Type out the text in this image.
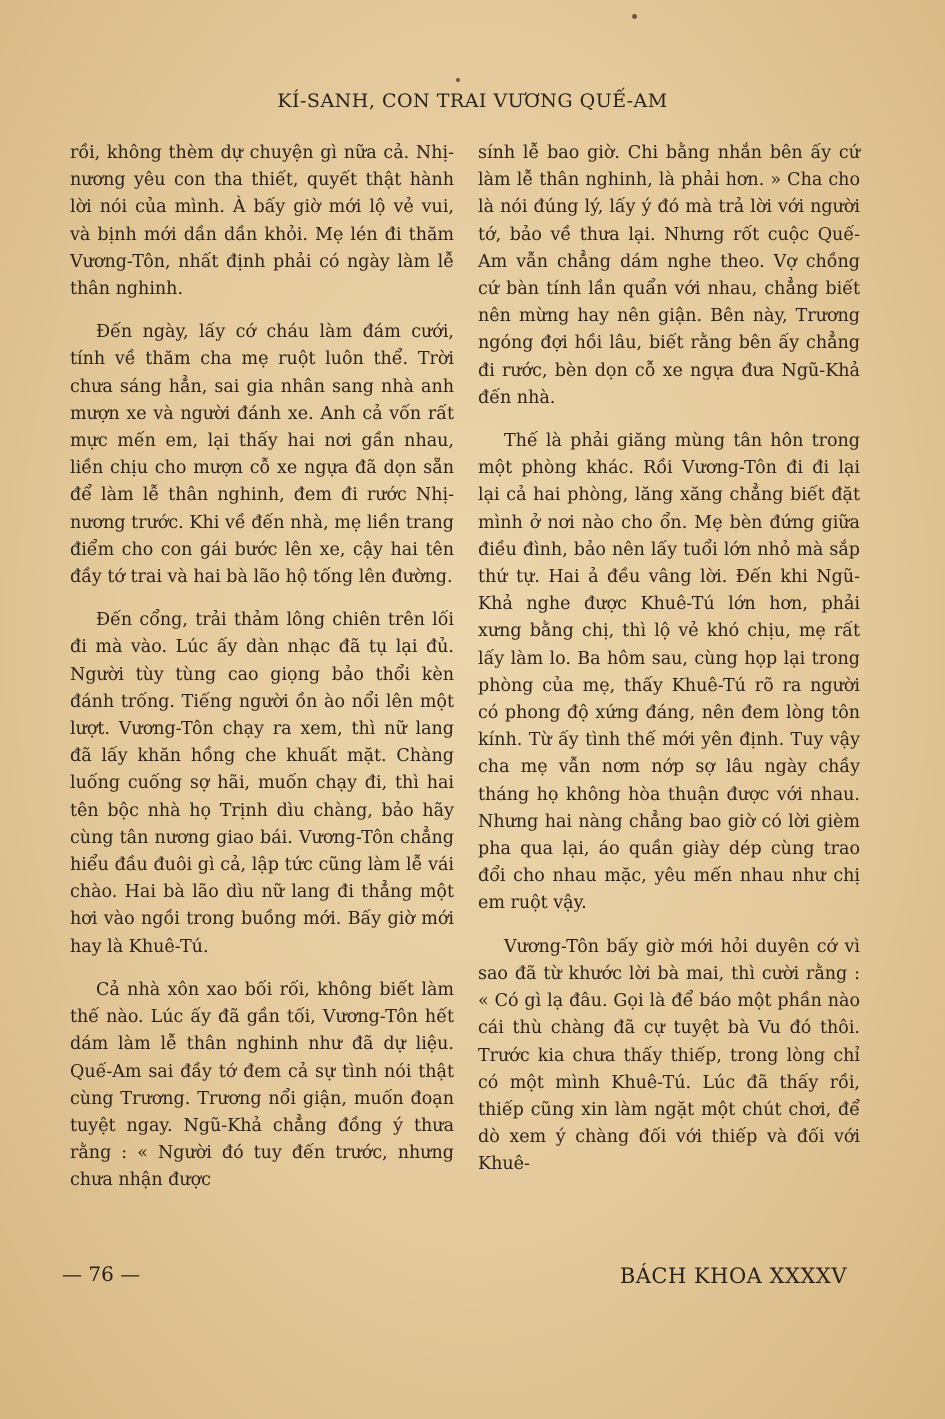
KÍ-SANH, CON TRAI VƯƠNG QUẾ-AM

rồi, không thèm dự chuyện gì nữa cả. Nhị-nương yêu con tha thiết, quyết thật hành lời nói của mình. À bấy giờ mới lộ vẻ vui, và bịnh mới dần dần khỏi. Mẹ lén đi thăm Vương-Tôn, nhất định phải có ngày làm lễ thân nghinh.

Đến ngày, lấy cớ cháu làm đám cưới, tính về thăm cha mẹ ruột luôn thể. Trời chưa sáng hẳn, sai gia nhân sang nhà anh mượn xe và người đánh xe. Anh cả vốn rất mực mến em, lại thấy hai nơi gần nhau, liền chịu cho mượn cỗ xe ngựa đã dọn sẵn để làm lễ thân nghinh, đem đi rước Nhị-nương trước. Khi về đến nhà, mẹ liền trang điểm cho con gái bước lên xe, cậy hai tên đầy tớ trai và hai bà lão hộ tống lên đường.

Đến cổng, trải thảm lông chiên trên lối đi mà vào. Lúc ấy dàn nhạc đã tụ lại đủ. Người tùy tùng cao giọng bảo thổi kèn đánh trống. Tiếng người ồn ào nổi lên một lượt. Vương-Tôn chạy ra xem, thì nữ lang đã lấy khăn hồng che khuất mặt. Chàng luống cuống sợ hãi, muốn chạy đi, thì hai tên bộc nhà họ Trịnh dìu chàng, bảo hãy cùng tân nương giao bái. Vương-Tôn chẳng hiểu đầu đuôi gì cả, lập tức cũng làm lễ vái chào. Hai bà lão dìu nữ lang đi thẳng một hơi vào ngồi trong buồng mới. Bấy giờ mới hay là Khuê-Tú.

Cả nhà xôn xao bối rối, không biết làm thế nào. Lúc ấy đã gần tối, Vương-Tôn hết dám làm lễ thân nghinh như đã dự liệu. Quế-Am sai đầy tớ đem cả sự tình nói thật cùng Trương. Trương nổi giận, muốn đoạn tuyệt ngay. Ngũ-Khả chẳng đồng ý thưa rằng : « Người đó tuy đến trước, nhưng chưa nhận được

sính lễ bao giờ. Chi bằng nhắn bên ấy cứ làm lễ thân nghinh, là phải hơn. » Cha cho là nói đúng lý, lấy ý đó mà trả lời với người tớ, bảo về thưa lại. Nhưng rốt cuộc Quế-Am vẫn chẳng dám nghe theo. Vợ chồng cứ bàn tính lần quẩn với nhau, chẳng biết nên mừng hay nên giận. Bên này, Trương ngóng đợi hồi lâu, biết rằng bên ấy chẳng đi rước, bèn dọn cỗ xe ngựa đưa Ngũ-Khả đến nhà.

Thế là phải giăng mùng tân hôn trong một phòng khác. Rồi Vương-Tôn đi đi lại lại cả hai phòng, lăng xăng chẳng biết đặt mình ở nơi nào cho ổn. Mẹ bèn đứng giữa điều đình, bảo nên lấy tuổi lớn nhỏ mà sắp thứ tự. Hai ả đều vâng lời. Đến khi Ngũ-Khả nghe được Khuê-Tú lớn hơn, phải xưng bằng chị, thì lộ vẻ khó chịu, mẹ rất lấy làm lo. Ba hôm sau, cùng họp lại trong phòng của mẹ, thấy Khuê-Tú rõ ra người có phong độ xứng đáng, nên đem lòng tôn kính. Từ ấy tình thế mới yên định. Tuy vậy cha mẹ vẫn nơm nớp sợ lâu ngày chầy tháng họ không hòa thuận được với nhau. Nhưng hai nàng chẳng bao giờ có lời gièm pha qua lại, áo quần giày dép cùng trao đổi cho nhau mặc, yêu mến nhau như chị em ruột vậy.

Vương-Tôn bấy giờ mới hỏi duyên cớ vì sao đã từ khước lời bà mai, thì cười rằng : « Có gì lạ đâu. Gọi là để báo một phần nào cái thù chàng đã cự tuyệt bà Vu đó thôi. Trước kia chưa thấy thiếp, trong lòng chỉ có một mình Khuê-Tú. Lúc đã thấy rồi, thiếp cũng xin làm ngặt một chút chơi, để dò xem ý chàng đối với thiếp và đối với Khuê-

— 76 —	BÁCH KHOA XXXXV
